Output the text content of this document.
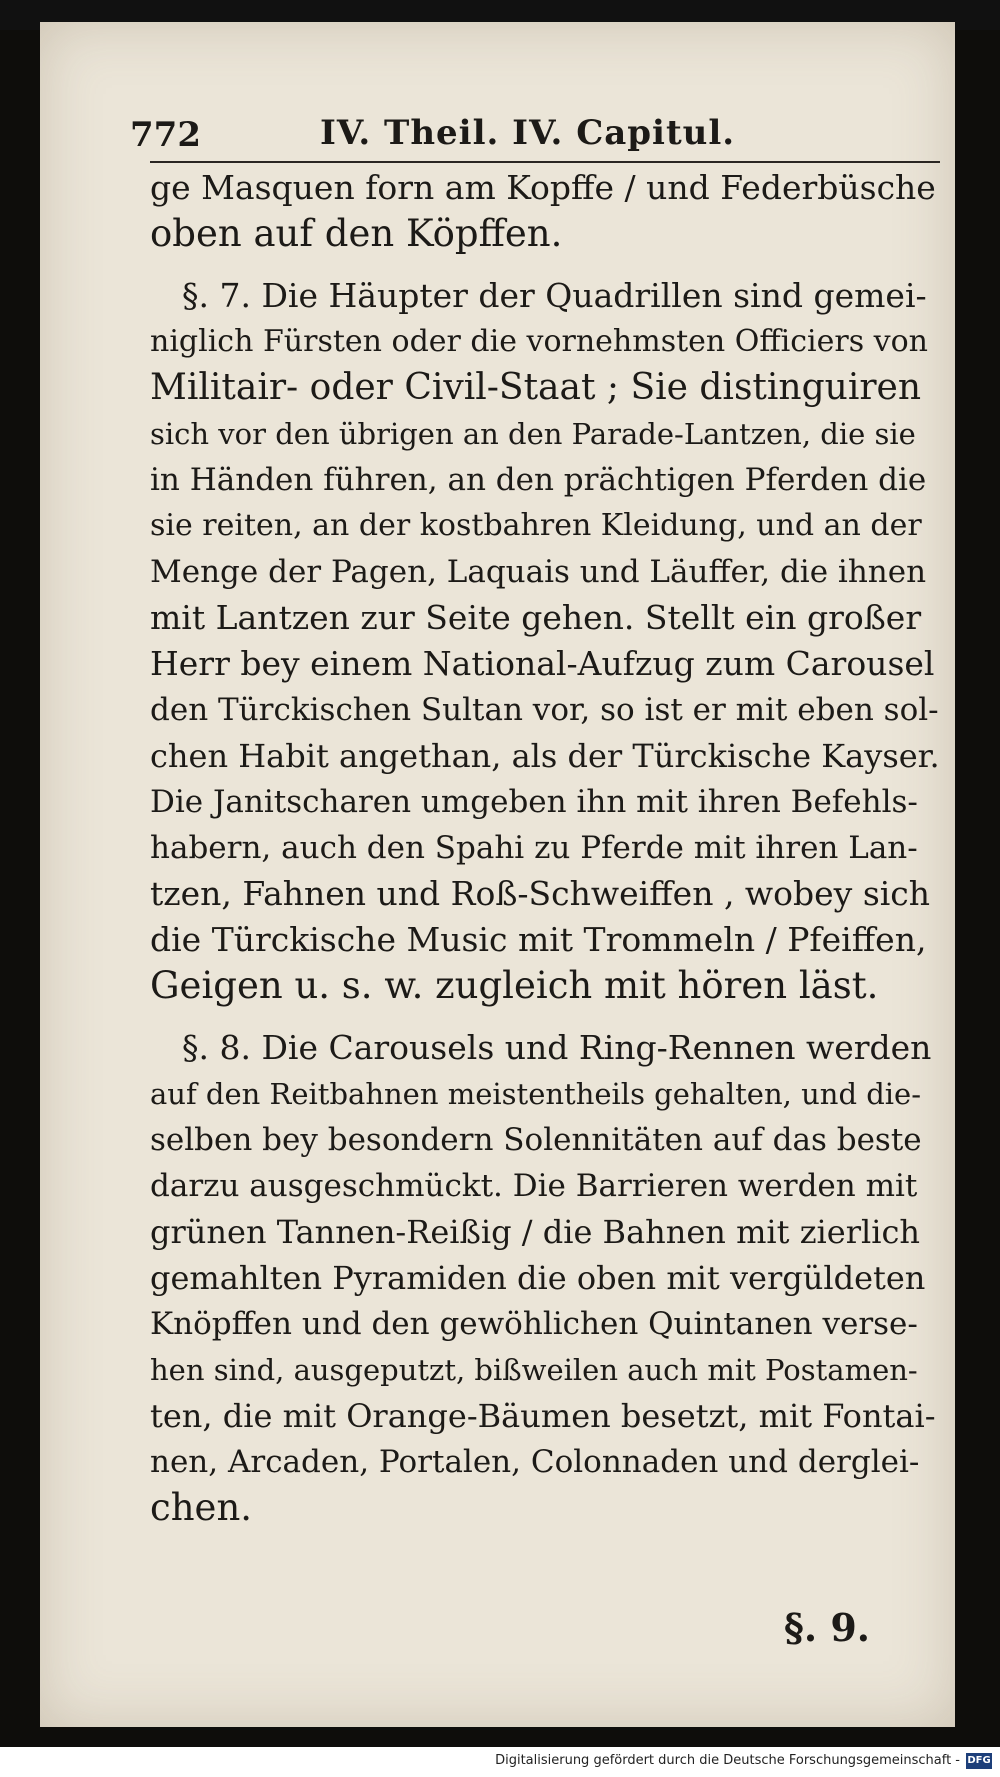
772	IV. Theil. IV. Capitul.
ge Masquen forn am Kopffe / und Federbüsche
oben auf den Köpffen.
§. 7. Die Häupter der Quadrillen sind gemei-
niglich Fürsten oder die vornehmsten Officiers von
Militair- oder Civil-Staat ; Sie distinguiren
sich vor den übrigen an den Parade-Lantzen, die sie
in Händen führen, an den prächtigen Pferden die
sie reiten, an der kostbahren Kleidung, und an der
Menge der Pagen, Laquais und Läuffer, die ihnen
mit Lantzen zur Seite gehen. Stellt ein großer
Herr bey einem National-Aufzug zum Carousel
den Türckischen Sultan vor, so ist er mit eben sol-
chen Habit angethan, als der Türckische Kayser.
Die Janitscharen umgeben ihn mit ihren Befehls-
habern, auch den Spahi zu Pferde mit ihren Lan-
tzen, Fahnen und Roß-Schweiffen , wobey sich
die Türckische Music mit Trommeln / Pfeiffen,
Geigen u. s. w. zugleich mit hören läst.
§. 8. Die Carousels und Ring-Rennen werden
auf den Reitbahnen meistentheils gehalten, und die-
selben bey besondern Solennitäten auf das beste
darzu ausgeschmückt. Die Barrieren werden mit
grünen Tannen-Reißig / die Bahnen mit zierlich
gemahlten Pyramiden die oben mit vergüldeten
Knöpffen und den gewöhlichen Quintanen verse-
hen sind, ausgeputzt, bißweilen auch mit Postamen-
ten, die mit Orange-Bäumen besetzt, mit Fontai-
nen, Arcaden, Portalen, Colonnaden und derglei-
chen.
§. 9.
Digitalisierung gefördert durch die Deutsche Forschungsgemeinschaft - DFG
